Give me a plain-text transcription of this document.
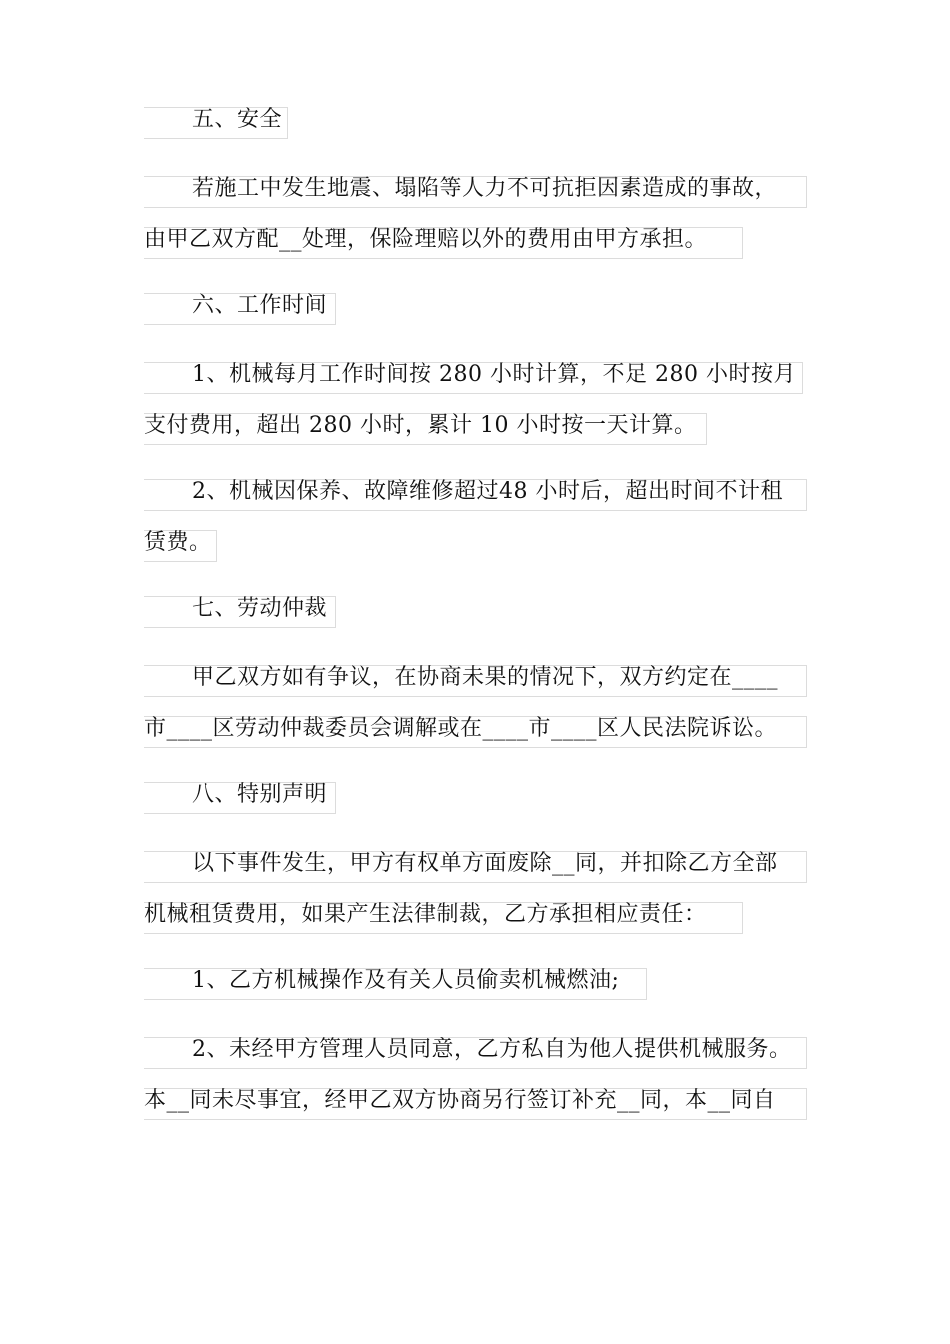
五、安全
若施工中发生地震、塌陷等人力不可抗拒因素造成的事故，
由甲乙双方配__处理，保险理赔以外的费用由甲方承担。
六、工作时间
1、机械每月工作时间按 280 小时计算，不足 280 小时按月
支付费用，超出 280 小时，累计 10 小时按一天计算。
2、机械因保养、故障维修超过48 小时后，超出时间不计租
赁费。
七、劳动仲裁
甲乙双方如有争议，在协商未果的情况下，双方约定在____
市____区劳动仲裁委员会调解或在____市____区人民法院诉讼。
八、特别声明
以下事件发生，甲方有权单方面废除__同，并扣除乙方全部
机械租赁费用，如果产生法律制裁，乙方承担相应责任：
1、乙方机械操作及有关人员偷卖机械燃油;
2、未经甲方管理人员同意，乙方私自为他人提供机械服务。
本__同未尽事宜，经甲乙双方协商另行签订补充__同，本__同自
